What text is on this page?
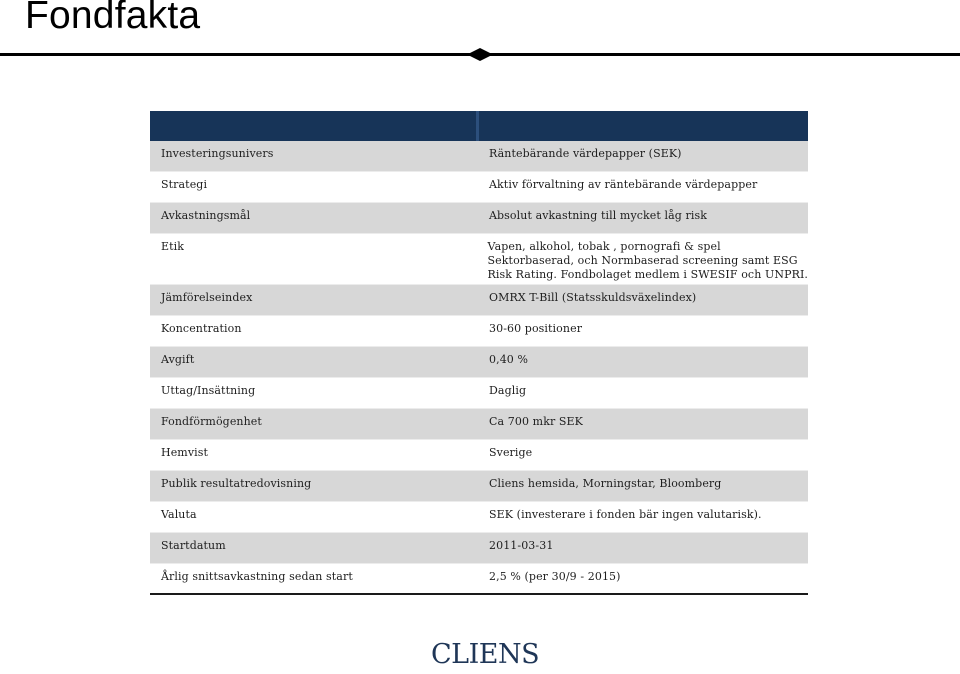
Fondfakta
Investeringsunivers	Räntebärande värdepapper (SEK)
Strategi	Aktiv förvaltning av räntebärande värdepapper
Avkastningsmål	Absolut avkastning till mycket låg risk
Etik	Vapen, alkohol, tobak , pornografi & spel
Sektorbaserad, och Normbaserad screening samt ESG
Risk Rating. Fondbolaget medlem i SWESIF och UNPRI.
Jämförelseindex	OMRX T-Bill (Statsskuldsväxelindex)
Koncentration	30-60 positioner
Avgift	0,40 %
Uttag/Insättning	Daglig
Fondförmögenhet	Ca 700 mkr SEK
Hemvist	Sverige
Publik resultatredovisning	Cliens hemsida, Morningstar, Bloomberg
Valuta	SEK (investerare i fonden bär ingen valutarisk).
Startdatum	2011-03-31
Årlig snittsavkastning sedan start	2,5 % (per 30/9 - 2015)
CLIENS
